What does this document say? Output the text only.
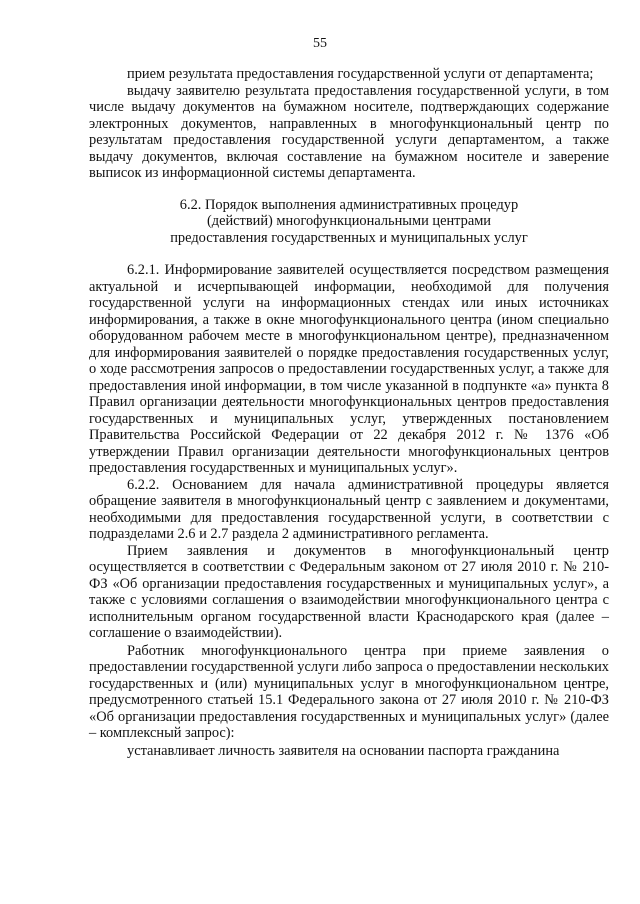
55

прием результата предоставления государственной услуги от департамента;

выдачу заявителю результата предоставления государственной услуги, в том числе выдачу документов на бумажном носителе, подтверждающих содержание электронных документов, направленных в многофункциональный центр по результатам предоставления государственной услуги департаментом, а также выдачу документов, включая составление на бумажном носителе и заверение выписок из информационной системы департамента.

6.2. Порядок выполнения административных процедур
(действий) многофункциональными центрами
предоставления государственных и муниципальных услуг

6.2.1. Информирование заявителей осуществляется посредством размещения актуальной и исчерпывающей информации, необходимой для получения государственной услуги на информационных стендах или иных источниках информирования, а также в окне многофункционального центра (ином специально оборудованном рабочем месте в многофункциональном центре), предназначенном для информирования заявителей о порядке предоставления государственных услуг, о ходе рассмотрения запросов о предоставлении государственных услуг, а также для предоставления иной информации, в том числе указанной в подпункте «а» пункта 8 Правил организации деятельности многофункциональных центров предоставления государственных и муниципальных услуг, утвержденных постановлением Правительства Российской Федерации от 22 декабря 2012 г. № 1376 «Об утверждении Правил организации деятельности многофункциональных центров предоставления государственных и муниципальных услуг».

6.2.2. Основанием для начала административной процедуры является обращение заявителя в многофункциональный центр с заявлением и документами, необходимыми для предоставления государственной услуги, в соответствии с подразделами 2.6 и 2.7 раздела 2 административного регламента.

Прием заявления и документов в многофункциональный центр осуществляется в соответствии с Федеральным законом от 27 июля 2010 г. № 210-ФЗ «Об организации предоставления государственных и муниципальных услуг», а также с условиями соглашения о взаимодействии многофункционального центра с исполнительным органом государственной власти Краснодарского края (далее – соглашение о взаимодействии).

Работник многофункционального центра при приеме заявления о предоставлении государственной услуги либо запроса о предоставлении нескольких государственных и (или) муниципальных услуг в многофункциональном центре, предусмотренного статьей 15.1 Федерального закона от 27 июля 2010 г. № 210-ФЗ «Об организации предоставления государственных и муниципальных услуг» (далее – комплексный запрос):

устанавливает личность заявителя на основании паспорта гражданина
